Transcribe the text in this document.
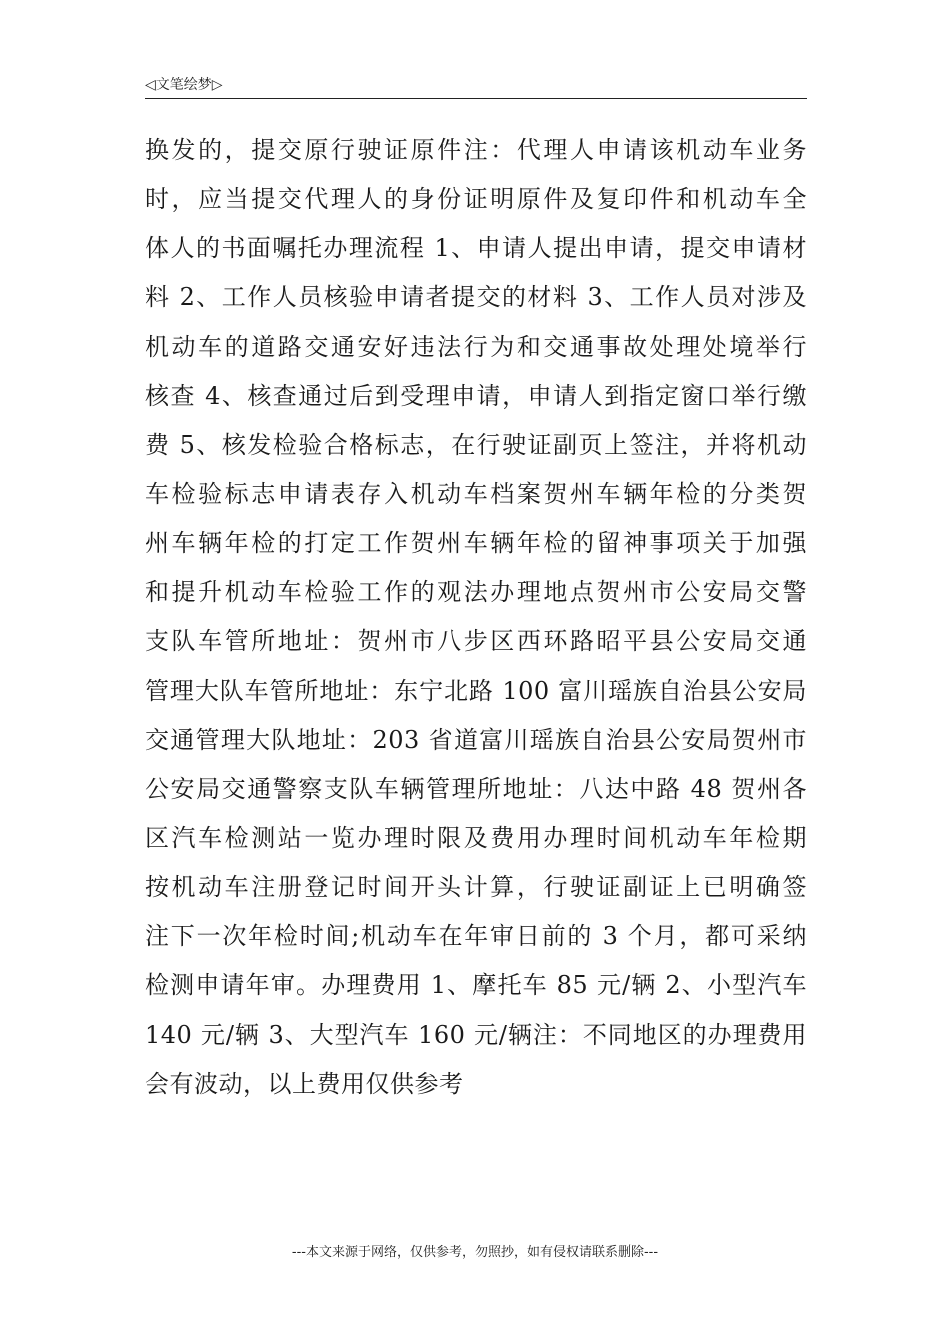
◁文笔绘梦▷
换发的，提交原行驶证原件注：代理人申请该机动车业务
时，应当提交代理人的身份证明原件及复印件和机动车全
体人的书面嘱托办理流程 1、申请人提出申请，提交申请材
料 2、工作人员核验申请者提交的材料 3、工作人员对涉及
机动车的道路交通安好违法行为和交通事故处理处境举行
核查 4、核查通过后到受理申请，申请人到指定窗口举行缴
费 5、核发检验合格标志，在行驶证副页上签注，并将机动
车检验标志申请表存入机动车档案贺州车辆年检的分类贺
州车辆年检的打定工作贺州车辆年检的留神事项关于加强
和提升机动车检验工作的观法办理地点贺州市公安局交警
支队车管所地址：贺州市八步区西环路昭平县公安局交通
管理大队车管所地址：东宁北路 100 富川瑶族自治县公安局
交通管理大队地址：203 省道富川瑶族自治县公安局贺州市
公安局交通警察支队车辆管理所地址：八达中路 48 贺州各
区汽车检测站一览办理时限及费用办理时间机动车年检期
按机动车注册登记时间开头计算，行驶证副证上已明确签
注下一次年检时间;机动车在年审日前的 3 个月，都可采纳
检测申请年审。办理费用 1、摩托车 85 元/辆 2、小型汽车
140 元/辆 3、大型汽车 160 元/辆注：不同地区的办理费用
会有波动，以上费用仅供参考
---本文来源于网络，仅供参考，勿照抄，如有侵权请联系删除---
